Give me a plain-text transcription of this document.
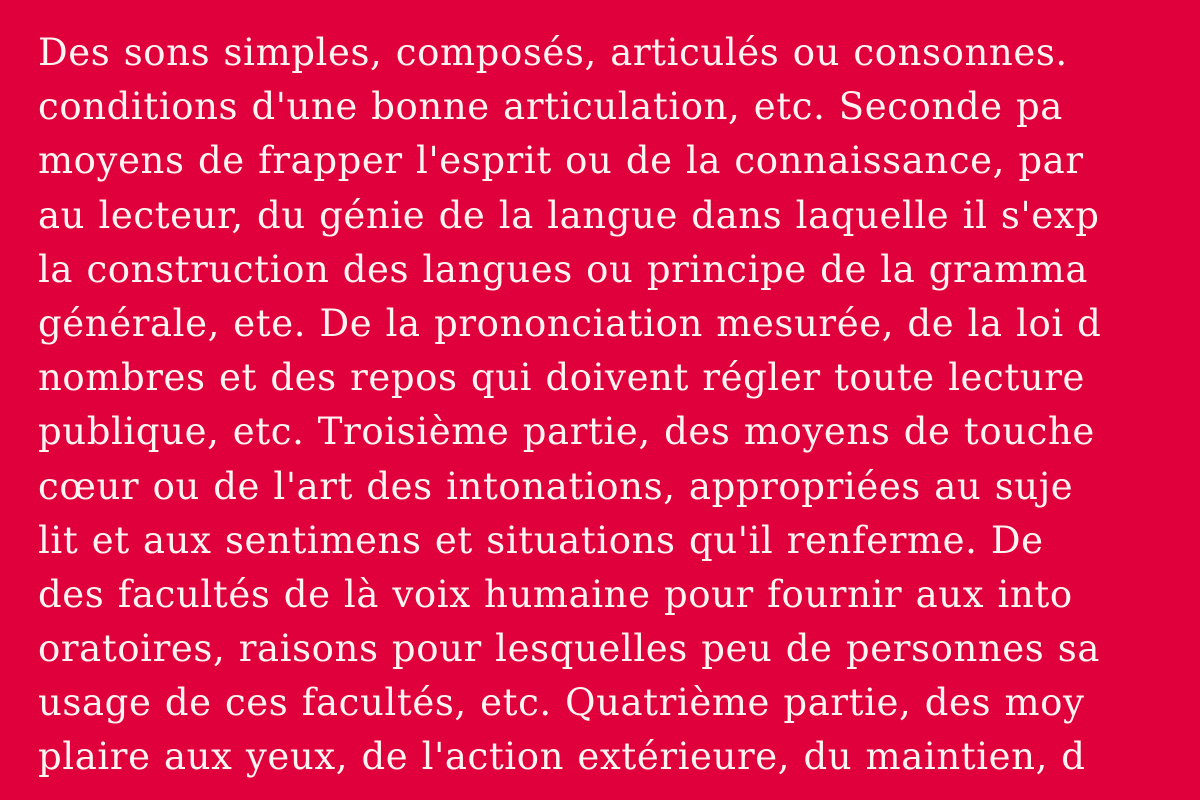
Des sons simples, composés, articulés ou consonnes.
conditions d'une bonne articulation, etc. Seconde pa
moyens de frapper l'esprit ou de la connaissance, par
au lecteur, du génie de la langue dans laquelle il s'exp
la construction des langues ou principe de la gramma
générale, ete. De la prononciation mesurée, de la loi d
nombres et des repos qui doivent régler toute lecture
publique, etc. Troisième partie, des moyens de touche
cœur ou de l'art des intonations, appropriées au suje
lit et aux sentimens et situations qu'il renferme. De
des facultés de là voix humaine pour fournir aux into
oratoires, raisons pour lesquelles peu de personnes sa
usage de ces facultés, etc. Quatrième partie, des moy
plaire aux yeux, de l'action extérieure, du maintien, d
